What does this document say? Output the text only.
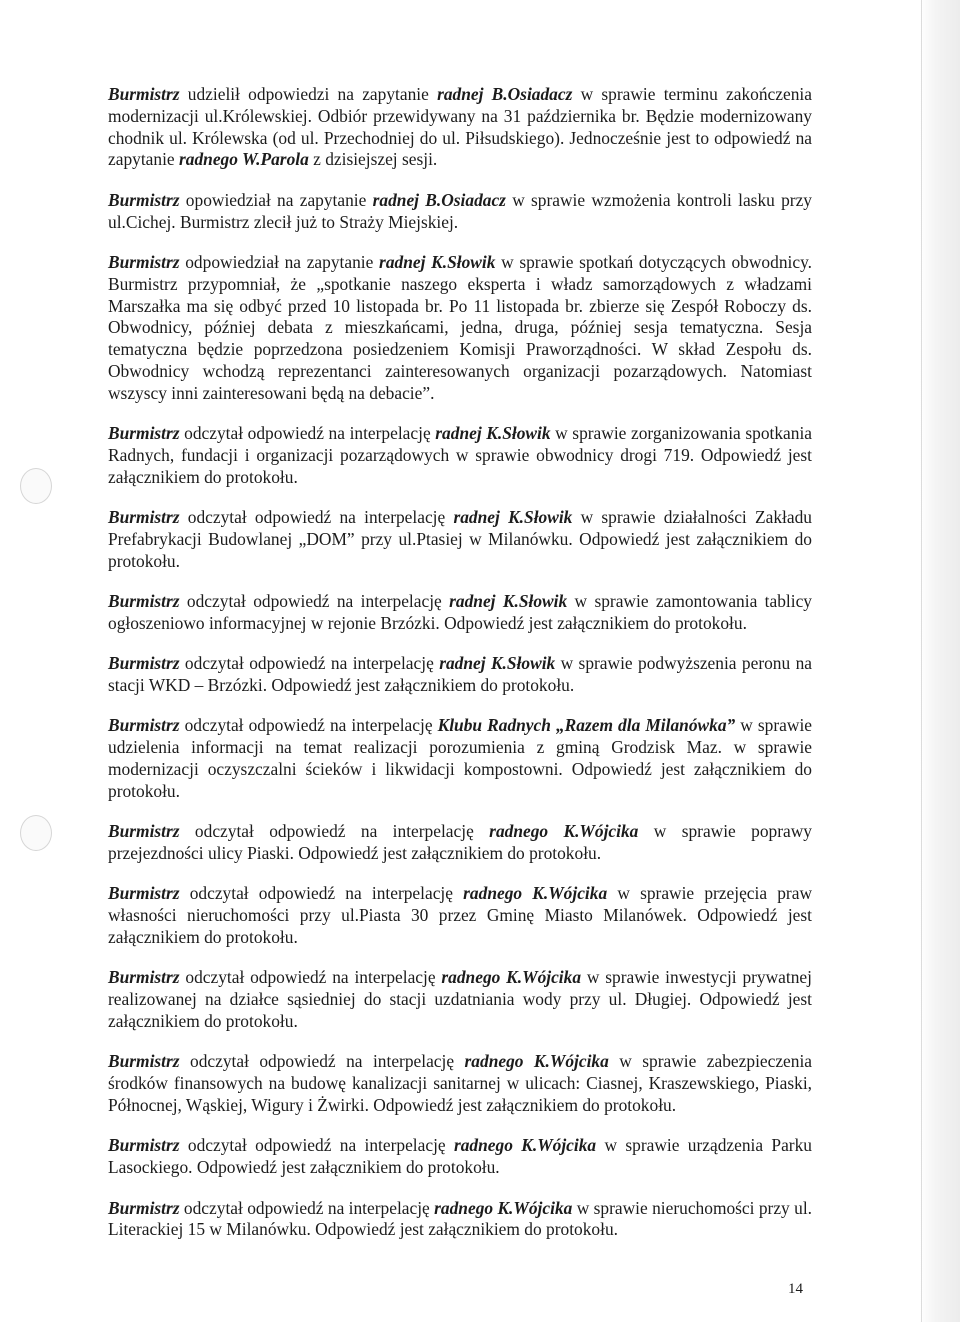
Burmistrz udzielił odpowiedzi na zapytanie radnej B.Osiadacz w sprawie terminu zakończenia modernizacji ul.Królewskiej. Odbiór przewidywany na 31 października br. Będzie modernizowany chodnik ul. Królewska (od ul. Przechodniej do ul. Piłsudskiego). Jednocześnie jest to odpowiedź na zapytanie radnego W.Parola z dzisiejszej sesji.

Burmistrz opowiedział na zapytanie radnej B.Osiadacz w sprawie wzmożenia kontroli lasku przy ul.Cichej. Burmistrz zlecił już to Straży Miejskiej.

Burmistrz odpowiedział na zapytanie radnej K.Słowik w sprawie spotkań dotyczących obwodnicy. Burmistrz przypomniał, że „spotkanie naszego eksperta i władz samorządowych z władzami Marszałka ma się odbyć przed 10 listopada br. Po 11 listopada br. zbierze się Zespół Roboczy ds. Obwodnicy, później debata z mieszkańcami, jedna, druga, później sesja tematyczna. Sesja tematyczna będzie poprzedzona posiedzeniem Komisji Praworządności. W skład Zespołu ds. Obwodnicy wchodzą reprezentanci zainteresowanych organizacji pozarządowych. Natomiast wszyscy inni zainteresowani będą na debacie”.

Burmistrz odczytał odpowiedź na interpelację radnej K.Słowik w sprawie zorganizowania spotkania Radnych, fundacji i organizacji pozarządowych w sprawie obwodnicy drogi 719. Odpowiedź jest załącznikiem do protokołu.

Burmistrz odczytał odpowiedź na interpelację radnej K.Słowik w sprawie działalności Zakładu Prefabrykacji Budowlanej „DOM” przy ul.Ptasiej w Milanówku. Odpowiedź jest załącznikiem do protokołu.

Burmistrz odczytał odpowiedź na interpelację radnej K.Słowik w sprawie zamontowania tablicy ogłoszeniowo informacyjnej w rejonie Brzózki. Odpowiedź jest załącznikiem do protokołu.

Burmistrz odczytał odpowiedź na interpelację radnej K.Słowik w sprawie podwyższenia peronu na stacji WKD – Brzózki. Odpowiedź jest załącznikiem do protokołu.

Burmistrz odczytał odpowiedź na interpelację Klubu Radnych „Razem dla Milanówka” w sprawie udzielenia informacji na temat realizacji porozumienia z gminą Grodzisk Maz. w sprawie modernizacji oczyszczalni ścieków i likwidacji kompostowni. Odpowiedź jest załącznikiem do protokołu.

Burmistrz odczytał odpowiedź na interpelację radnego K.Wójcika w sprawie poprawy przejezdności ulicy Piaski. Odpowiedź jest załącznikiem do protokołu.

Burmistrz odczytał odpowiedź na interpelację radnego K.Wójcika w sprawie przejęcia praw własności nieruchomości przy ul.Piasta 30 przez Gminę Miasto Milanówek. Odpowiedź jest załącznikiem do protokołu.

Burmistrz odczytał odpowiedź na interpelację radnego K.Wójcika w sprawie inwestycji prywatnej realizowanej na działce sąsiedniej do stacji uzdatniania wody przy ul. Długiej. Odpowiedź jest załącznikiem do protokołu.

Burmistrz odczytał odpowiedź na interpelację radnego K.Wójcika w sprawie zabezpieczenia środków finansowych na budowę kanalizacji sanitarnej w ulicach: Ciasnej, Kraszewskiego, Piaski, Północnej, Wąskiej, Wigury i Żwirki. Odpowiedź jest załącznikiem do protokołu.

Burmistrz odczytał odpowiedź na interpelację radnego K.Wójcika w sprawie urządzenia Parku Lasockiego. Odpowiedź jest załącznikiem do protokołu.

Burmistrz odczytał odpowiedź na interpelację radnego K.Wójcika w sprawie nieruchomości przy ul. Literackiej 15 w Milanówku. Odpowiedź jest załącznikiem do protokołu.

14
